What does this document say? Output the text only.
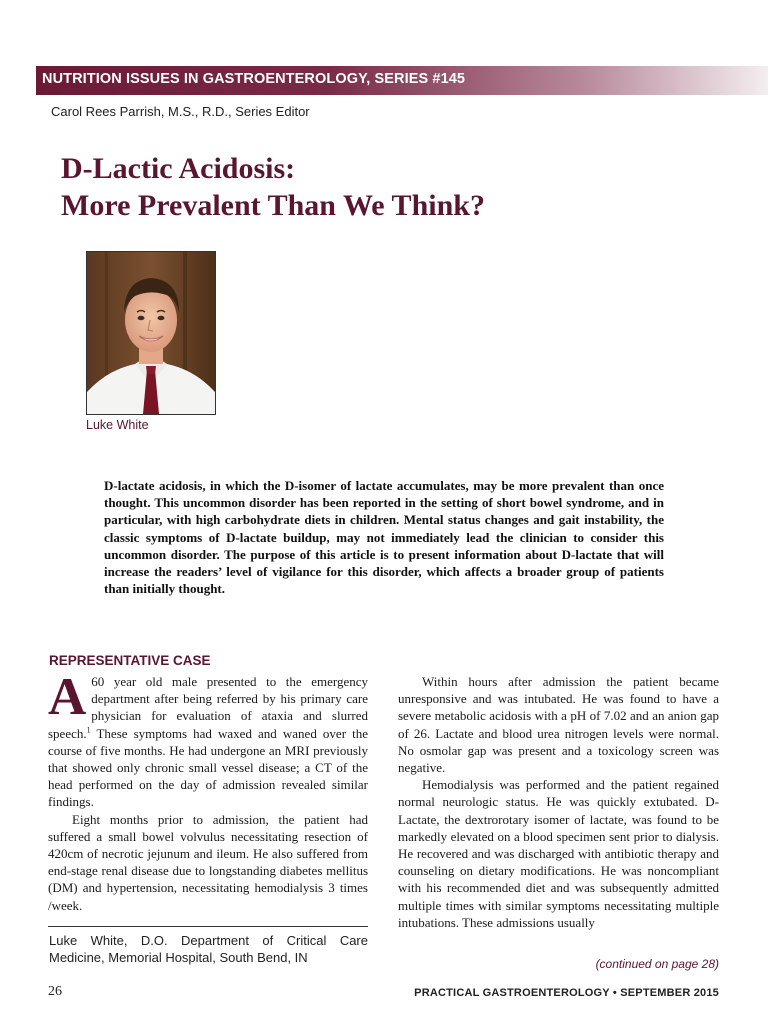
NUTRITION ISSUES IN GASTROENTEROLOGY, SERIES #145
Carol Rees Parrish, M.S., R.D., Series Editor
D-Lactic Acidosis:
More Prevalent Than We Think?
Luke White
D-lactate acidosis, in which the D-isomer of lactate accumulates, may be more prevalent than once thought. This uncommon disorder has been reported in the setting of short bowel syndrome, and in particular, with high carbohydrate diets in children. Mental status changes and gait instability, the classic symptoms of D-lactate buildup, may not immediately lead the clinician to consider this uncommon disorder. The purpose of this article is to present information about D-lactate that will increase the readers’ level of vigilance for this disorder, which affects a broader group of patients than initially thought.
REPRESENTATIVE CASE

A 60 year old male presented to the emergency department after being referred by his primary care physician for evaluation of ataxia and slurred speech.$^1$ These symptoms had waxed and waned over the course of five months. He had undergone an MRI previously that showed only chronic small vessel disease; a CT of the head performed on the day of admission revealed similar findings.

Eight months prior to admission, the patient had suffered a small bowel volvulus necessitating resection of 420cm of necrotic jejunum and ileum. He also suffered from end-stage renal disease due to longstanding diabetes mellitus (DM) and hypertension, necessitating hemodialysis 3 times /week.

Luke White, D.O. Department of Critical Care Medicine, Memorial Hospital, South Bend, IN

Within hours after admission the patient became unresponsive and was intubated. He was found to have a severe metabolic acidosis with a pH of 7.02 and an anion gap of 26. Lactate and blood urea nitrogen levels were normal. No osmolar gap was present and a toxicology screen was negative.

Hemodialysis was performed and the patient regained normal neurologic status. He was quickly extubated. D-Lactate, the dextrorotary isomer of lactate, was found to be markedly elevated on a blood specimen sent prior to dialysis. He recovered and was discharged with antibiotic therapy and counseling on dietary modifications. He was noncompliant with his recommended diet and was subsequently admitted multiple times with similar symptoms necessitating multiple intubations. These admissions usually

(continued on page 28)
26	PRACTICAL GASTROENTEROLOGY • SEPTEMBER 2015
